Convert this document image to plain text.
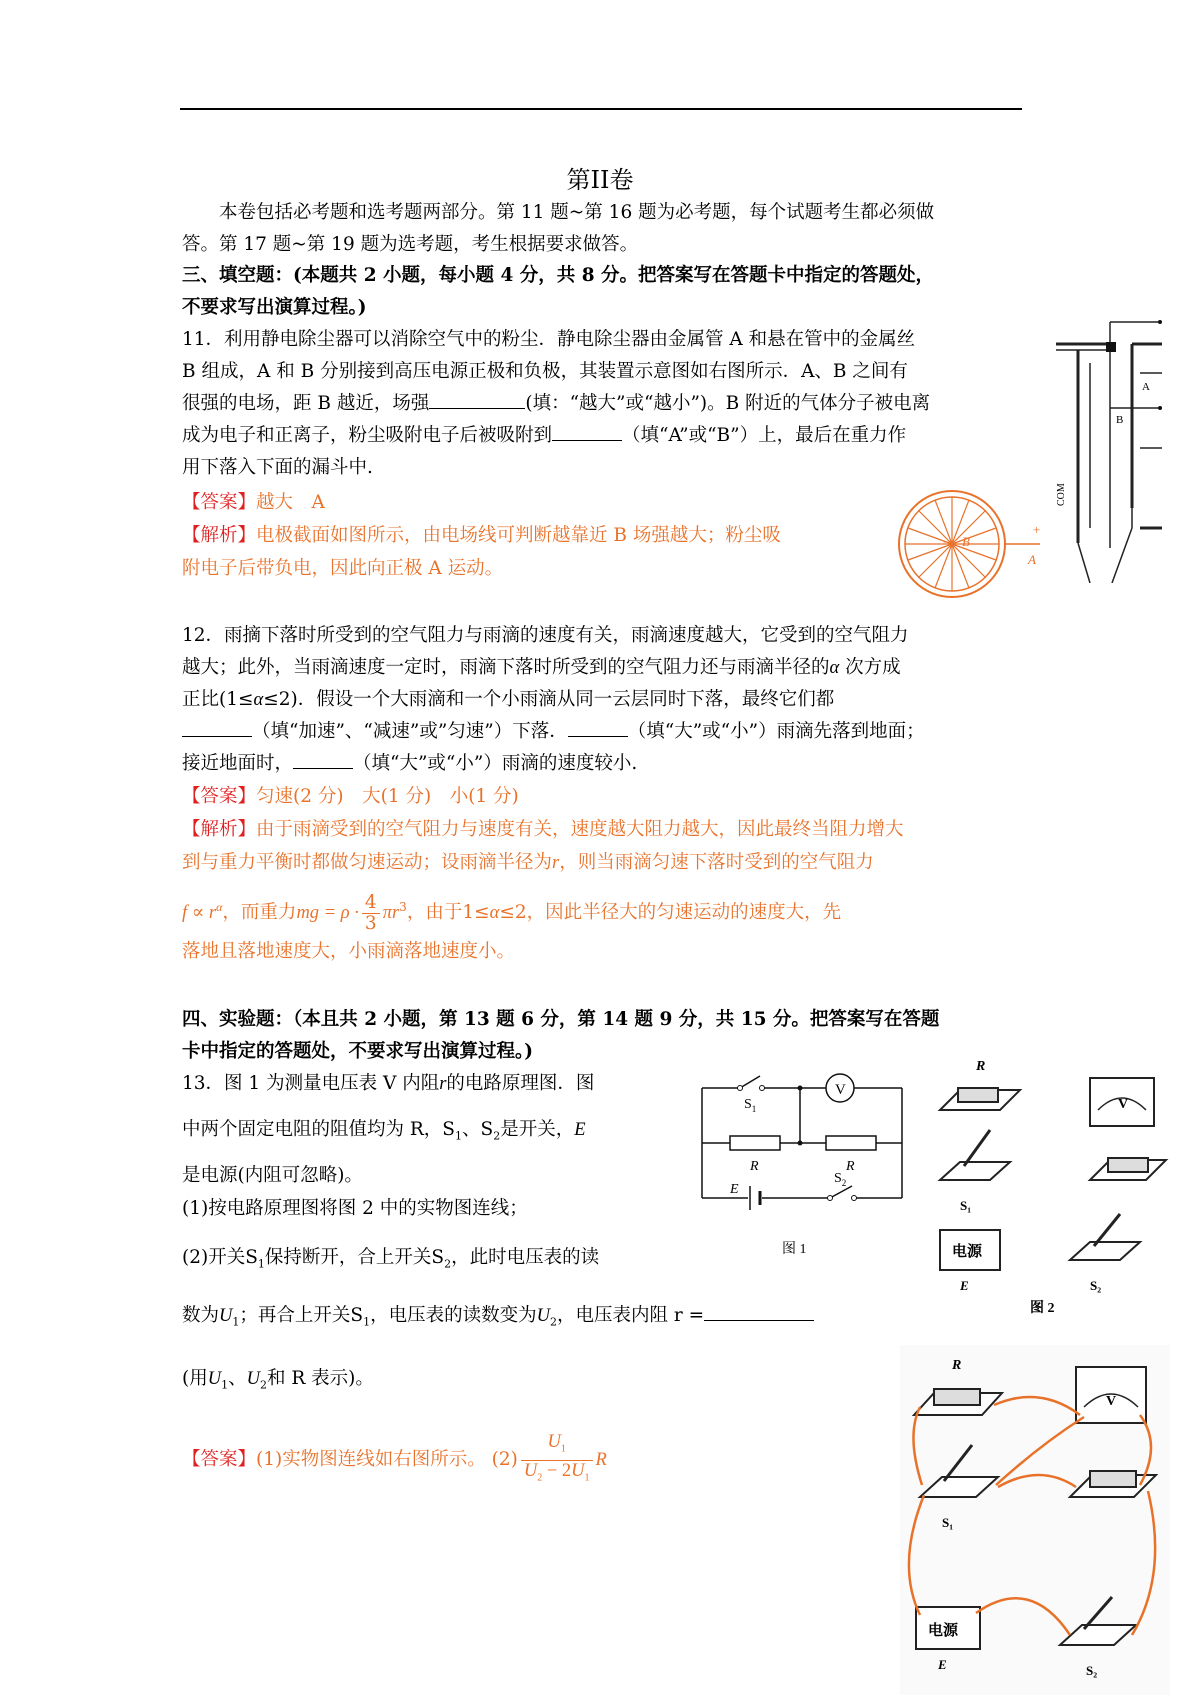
第II卷
本卷包括必考题和选考题两部分。第 11 题~第 16 题为必考题，每个试题考生都必须做
答。第 17 题~第 19 题为选考题，考生根据要求做答。
三、填空题：(本题共 2 小题，每小题 4 分，共 8 分。把答案写在答题卡中指定的答题处，
不要求写出演算过程。)
11．利用静电除尘器可以消除空气中的粉尘．静电除尘器由金属管 A 和悬在管中的金属丝
B 组成，A 和 B 分别接到高压电源正极和负极，其装置示意图如右图所示．A、B 之间有
很强的电场，距 B 越近，场强	(填：“越大”或“越小”)。B 附近的气体分子被电离
成为电子和正离子，粉尘吸附电子后被吸附到	（填“A”或“B”）上，最后在重力作
用下落入下面的漏斗中.
【答案】越大　A
【解析】电极截面如图所示，由电场线可判断越靠近 B 场强越大；粉尘吸
附电子后带负电，因此向正极 A 运动。
B
A
COM
B
−
+
A
12．雨摘下落时所受到的空气阻力与雨滴的速度有关，雨滴速度越大，它受到的空气阻力
越大；此外，当雨滴速度一定时，雨滴下落时所受到的空气阻力还与雨滴半径的α 次方成
正比(1≤α≤2)．假设一个大雨滴和一个小雨滴从同一云层同时下落，最终它们都
（填“加速”、“减速”或”匀速”）下落．	（填“大”或“小”）雨滴先落到地面；
接近地面时，	（填“大”或“小”）雨滴的速度较小.
【答案】匀速(2 分)　大(1 分)　小(1 分)
【解析】由于雨滴受到的空气阻力与速度有关，速度越大阻力越大，因此最终当阻力增大
到与重力平衡时都做匀速运动；设雨滴半径为r，则当雨滴匀速下落时受到的空气阻力
$f \propto r^\alpha$，而重力mg = $\rho \cdot \frac{4}{3} \pi r^3$，由于1≤α≤2，因此半径大的匀速运动的速度大，先
落地且落地速度大，小雨滴落地速度小。
四、实验题：（本且共 2 小题，第 13 题 6 分，第 14 题 9 分，共 15 分。把答案写在答题
卡中指定的答题处，不要求写出演算过程。)
13．图 1 为测量电压表 V 内阻r的电路原理图．图
中两个固定电阻的阻值均为 R，$S_1$、$S_2$是开关，E
是电源(内阻可忽略)。
(1)按电路原理图将图 2 中的实物图连线；
(2)开关$S_1$保持断开，合上开关$S_2$，此时电压表的读
数为$U_1$；再合上开关$S_1$，电压表的读数变为$U_2$，电压表内阻 r =
(用$U_1$、$U_2$和 R 表示)。
【答案】(1)实物图连线如右图所示。 $(2) \frac{U_1}{U_2 - 2U_1}$ R
V
$S_1$
R	R
E
$S_2$
图 1
R
V
S₁
电源
E	S₂
图 2
R
V
S₁
电源
E	S₂
